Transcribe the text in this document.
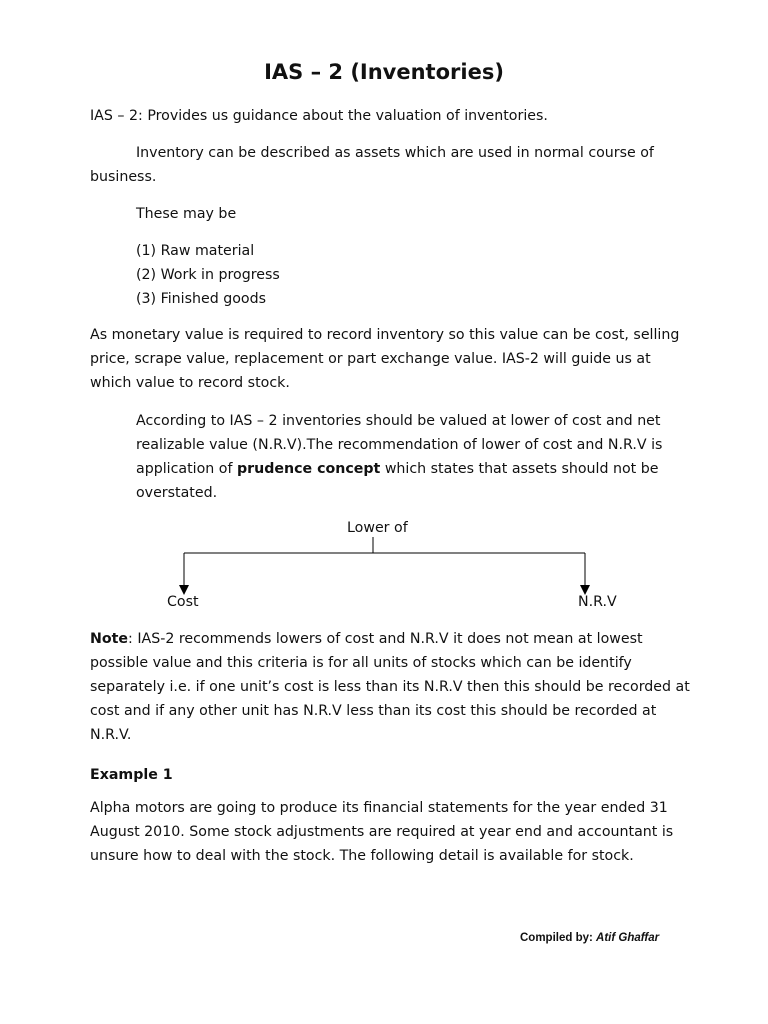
IAS – 2 (Inventories)

IAS – 2: Provides us guidance about the valuation of inventories.

Inventory can be described as assets which are used in normal course of business.

These may be

(1) Raw material
(2) Work in progress
(3) Finished goods

As monetary value is required to record inventory so this value can be cost, selling price, scrape value, replacement or part exchange value. IAS-2 will guide us at which value to record stock.

According to IAS – 2 inventories should be valued at lower of cost and net realizable value (N.R.V).The recommendation of lower of cost and N.R.V is application of prudence concept which states that assets should not be overstated.

Lower of
Cost	N.R.V

Note: IAS-2 recommends lowers of cost and N.R.V it does not mean at lowest possible value and this criteria is for all units of stocks which can be identify separately i.e. if one unit’s cost is less than its N.R.V then this should be recorded at cost and if any other unit has N.R.V less than its cost this should be recorded at N.R.V.

Example 1

Alpha motors are going to produce its financial statements for the year ended 31 August 2010. Some stock adjustments are required at year end and accountant is unsure how to deal with the stock. The following detail is available for stock.

Compiled by: Atif Ghaffar
